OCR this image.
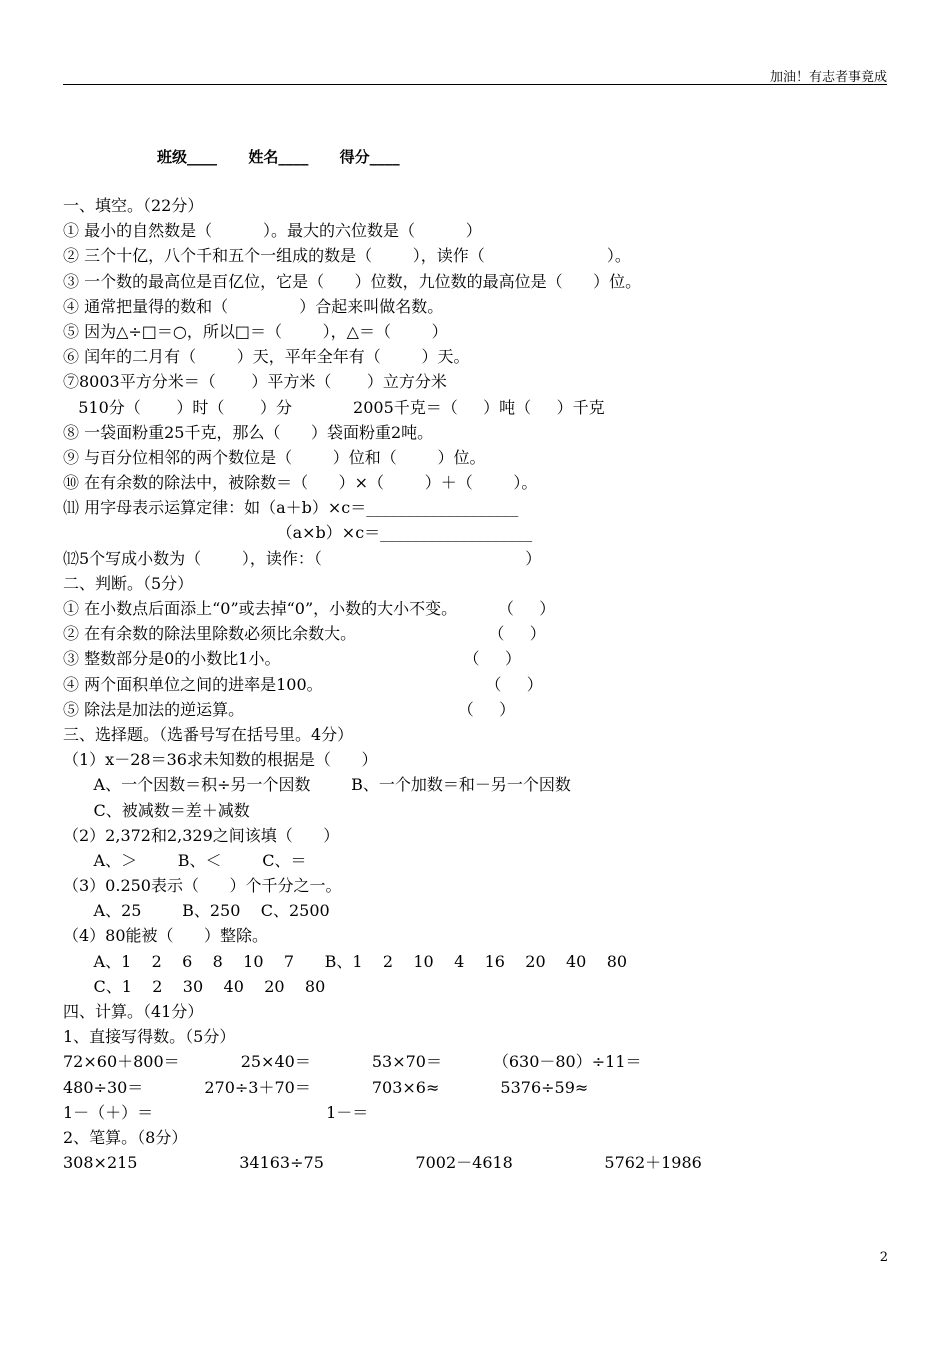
加油！有志者事竟成
班级____      姓名____      得分____
一、填空。（22分）
① 最小的自然数是（          ）。最大的六位数是（          ）
② 三个十亿，八个千和五个一组成的数是（        ），读作（                        ）。
③ 一个数的最高位是百亿位，它是（      ）位数，九位数的最高位是（      ）位。
④ 通常把量得的数和（              ）合起来叫做名数。
⑤ 因为△÷□＝○，所以□＝（        ），△＝（        ）
⑥ 闰年的二月有（        ）天，平年全年有（        ）天。
⑦8003平方分米＝（       ）平方米（       ）立方分米
510分（       ）时（       ）分            2005千克＝（     ）吨（     ）千克
⑧ 一袋面粉重25千克，那么（      ）袋面粉重2吨。
⑨ 与百分位相邻的两个数位是（        ）位和（        ）位。
⑩ 在有余数的除法中，被除数＝（      ）×（        ）＋（        ）。
⑾ 用字母表示运算定律：如（a＋b）×c＝___________________
（a×b）×c＝___________________
⑿5个写成小数为（        ），读作：（                                        ）
二、判断。（5分）
① 在小数点后面添上“0”或去掉“0”，小数的大小不变。        （     ）
② 在有余数的除法里除数必须比余数大。                          （     ）
③ 整数部分是0的小数比1小。                                    （     ）
④ 两个面积单位之间的进率是100。                                （     ）
⑤ 除法是加法的逆运算。                                          （     ）
三、选择题。（选番号写在括号里。4分）
（1）x－28＝36求未知数的根据是（      ）
A、一个因数＝积÷另一个因数        B、一个加数＝和－另一个因数
C、被减数＝差＋减数
（2）2,372和2,329之间该填（      ）
A、＞        B、＜        C、＝
（3）0.250表示（      ）个千分之一。
A、25        B、250    C、2500
（4）80能被（      ）整除。
A、1    2    6    8    10    7      B、1    2    10    4    16    20    40    80
C、1    2    30    40    20    80
四、计算。（41分）
1、直接写得数。（5分）
72×60＋800＝            25×40＝            53×70＝          （630－80）÷11＝
480÷30＝            270÷3＋70＝            703×6≈            5376÷59≈
1－（＋）＝                                  1－＝
2、笔算。（8分）
308×215                    34163÷75                  7002－4618                  5762＋1986
2
